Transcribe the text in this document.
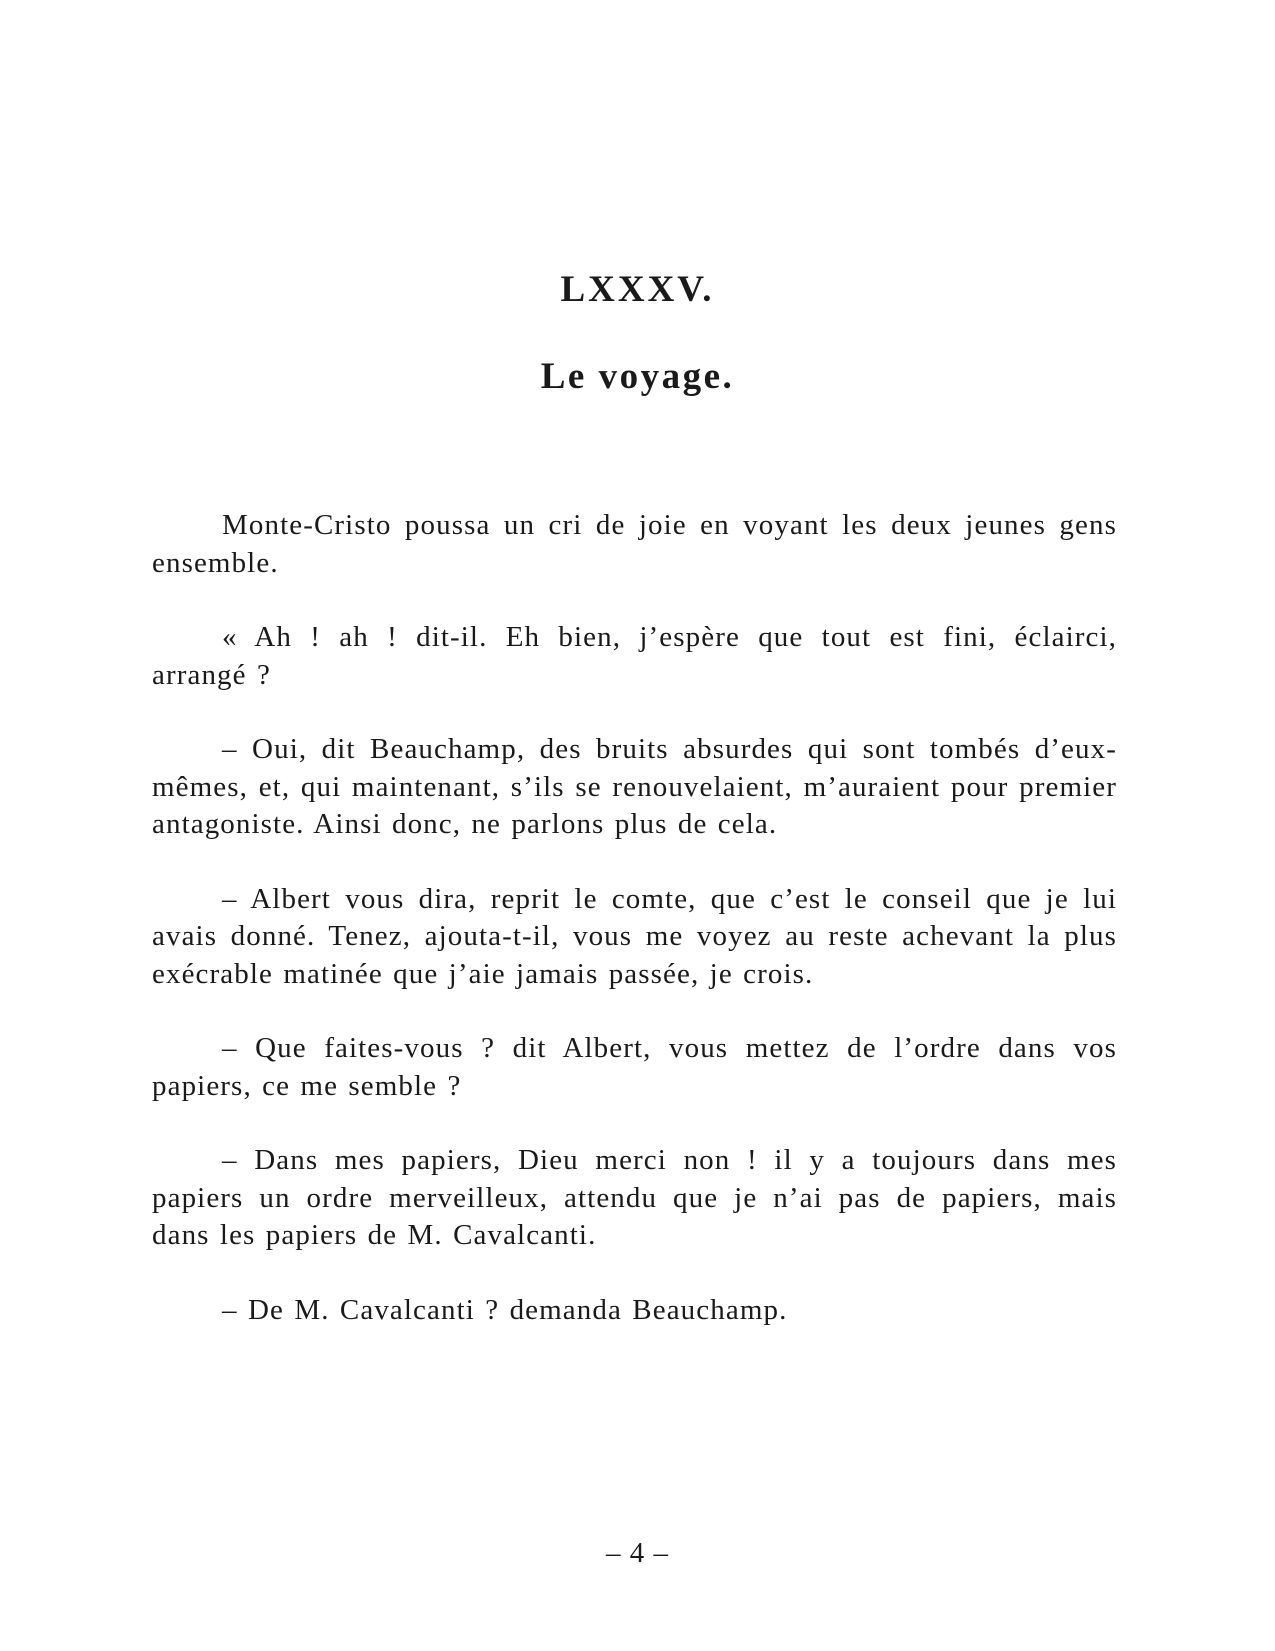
LXXXV.
Le voyage.

Monte-Cristo poussa un cri de joie en voyant les deux jeunes gens ensemble.

« Ah ! ah ! dit-il. Eh bien, j’espère que tout est fini, éclairci, arrangé ?

– Oui, dit Beauchamp, des bruits absurdes qui sont tombés d’eux-mêmes, et, qui maintenant, s’ils se renouvelaient, m’auraient pour premier antagoniste. Ainsi donc, ne parlons plus de cela.

– Albert vous dira, reprit le comte, que c’est le conseil que je lui avais donné. Tenez, ajouta-t-il, vous me voyez au reste achevant la plus exécrable matinée que j’aie jamais passée, je crois.

– Que faites-vous ? dit Albert, vous mettez de l’ordre dans vos papiers, ce me semble ?

– Dans mes papiers, Dieu merci non ! il y a toujours dans mes papiers un ordre merveilleux, attendu que je n’ai pas de papiers, mais dans les papiers de M. Cavalcanti.

– De M. Cavalcanti ? demanda Beauchamp.

– 4 –
